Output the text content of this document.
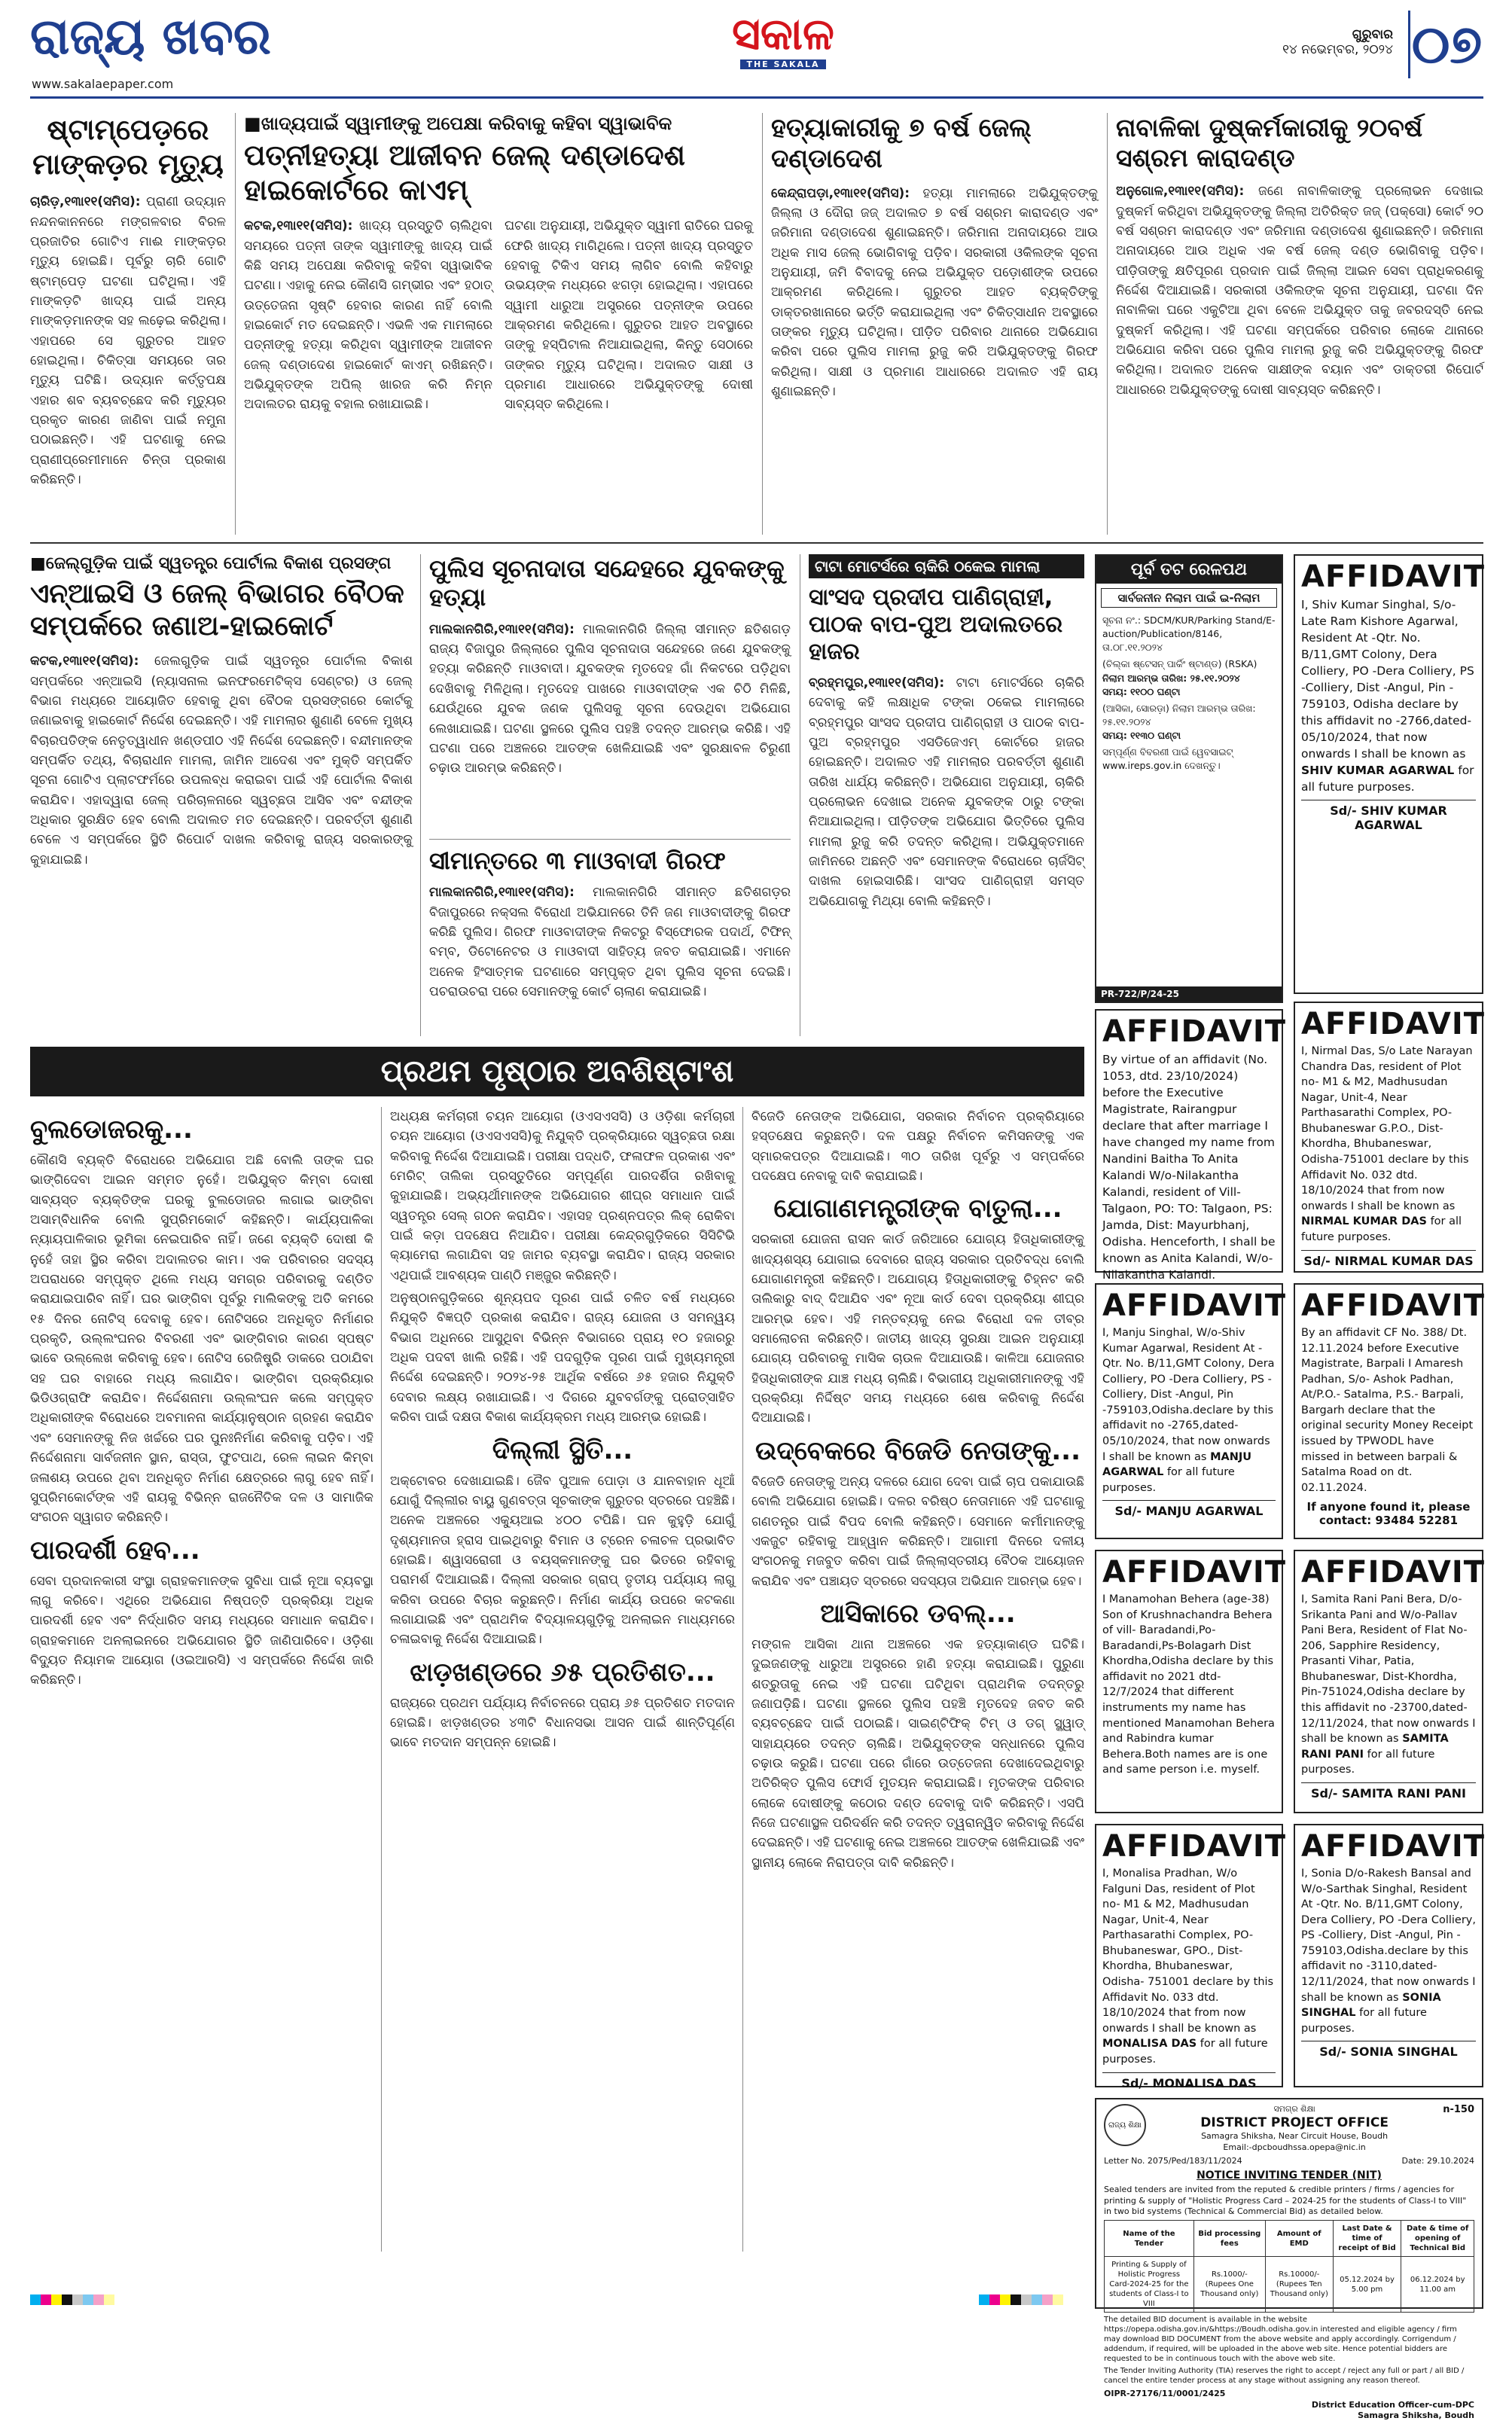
ରାଜ୍ୟ ଖବର
www.sakalaepaper.com
ସକାଳ
THE SAKALA
ଗୁରୁବାର
୧୪ ନଭେମ୍ବର, ୨୦୨୪ ୦୭
ଷ୍ଟାମ୍ପେଡ଼ରେ ମାଙ୍କଡ଼ର ମୃତ୍ୟୁ
ଚାରିଡ଼,୧୩ା୧୧(ସମିସ): ପ୍ରାଣୀ ଉଦ୍ୟାନ ନନ୍ଦନକାନନରେ ମଙ୍ଗଳବାର ବିରଳ ପ୍ରଜାତିର ଗୋଟିଏ ମାଈ ମାଙ୍କଡ଼ର ମୃତ୍ୟୁ ହୋଇଛି। ପୂର୍ବରୁ ଚାରି ଗୋଟି ଷ୍ଟାମ୍ପେଡ଼ ଘଟଣା ଘଟିଥିଲା। ଏହି ମାଙ୍କଡ଼ଟି ଖାଦ୍ୟ ପାଇଁ ଅନ୍ୟ ମାଙ୍କଡ଼ମାନଙ୍କ ସହ ଲଢ଼େଇ କରିଥିଲା। ଏହାପରେ ସେ ଗୁରୁତର ଆହତ ହୋଇଥିଲା। ଚିକିତ୍ସା ସମୟରେ ତାର ମୃତ୍ୟୁ ଘଟିଛି। ଉଦ୍ୟାନ କର୍ତ୍ତୃପକ୍ଷ ଏହାର ଶବ ବ୍ୟବଚ୍ଛେଦ କରି ମୃତ୍ୟୁର ପ୍ରକୃତ କାରଣ ଜାଣିବା ପାଇଁ ନମୁନା ପଠାଇଛନ୍ତି। ଏହି ଘଟଣାକୁ ନେଇ ପ୍ରାଣୀପ୍ରେମୀମାନେ ଚିନ୍ତା ପ୍ରକାଶ କରିଛନ୍ତି।
■ ଖାଦ୍ୟପାଇଁ ସ୍ୱାମୀଙ୍କୁ ଅପେକ୍ଷା କରିବାକୁ କହିବା ସ୍ୱାଭାବିକ
ପତ୍ନୀହତ୍ୟା ଆଜୀବନ ଜେଲ୍ ଦଣ୍ଡାଦେଶ ହାଇକୋର୍ଟରେ କାଏମ୍
କଟକ,୧୩ା୧୧(ସମିସ): ଖାଦ୍ୟ ପ୍ରସ୍ତୁତି ଚାଲିଥିବା ସମୟରେ ପତ୍ନୀ ତାଙ୍କ ସ୍ୱାମୀଙ୍କୁ ଖାଦ୍ୟ ପାଇଁ କିଛି ସମୟ ଅପେକ୍ଷା କରିବାକୁ କହିବା ସ୍ୱାଭାବିକ ଘଟଣା। ଏହାକୁ ନେଇ କୌଣସି ଗମ୍ଭୀର ଏବଂ ହଠାତ୍ ଉତ୍ତେଜନା ସୃଷ୍ଟି ହେବାର କାରଣ ନାହିଁ ବୋଲି ହାଇକୋର୍ଟ ମତ ଦେଇଛନ୍ତି। ଏଭଳି ଏକ ମାମଲାରେ ପତ୍ନୀଙ୍କୁ ହତ୍ୟା କରିଥିବା ସ୍ୱାମୀଙ୍କ ଆଜୀବନ ଜେଲ୍ ଦଣ୍ଡାଦେଶ ହାଇକୋର୍ଟ କାଏମ୍ ରଖିଛନ୍ତି। ଅଭିଯୁକ୍ତଙ୍କ ଅପିଲ୍ ଖାରଜ କରି ନିମ୍ନ ଅଦାଲତର ରାୟକୁ ବହାଲ ରଖାଯାଇଛି।
ଘଟଣା ଅନୁଯାୟୀ, ଅଭିଯୁକ୍ତ ସ୍ୱାମୀ ରାତିରେ ଘରକୁ ଫେରି ଖାଦ୍ୟ ମାଗିଥିଲେ। ପତ୍ନୀ ଖାଦ୍ୟ ପ୍ରସ୍ତୁତ ହେବାକୁ ଟିକିଏ ସମୟ ଲାଗିବ ବୋଲି କହିବାରୁ ଉଭୟଙ୍କ ମଧ୍ୟରେ ଝଗଡ଼ା ହୋଇଥିଲା। ଏହାପରେ ସ୍ୱାମୀ ଧାରୁଆ ଅସ୍ତ୍ରରେ ପତ୍ନୀଙ୍କ ଉପରେ ଆକ୍ରମଣ କରିଥିଲେ। ଗୁରୁତର ଆହତ ଅବସ୍ଥାରେ ତାଙ୍କୁ ହସ୍ପିଟାଲ ନିଆଯାଇଥିଲା, କିନ୍ତୁ ସେଠାରେ ତାଙ୍କର ମୃତ୍ୟୁ ଘଟିଥିଲା। ଅଦାଲତ ସାକ୍ଷୀ ଓ ପ୍ରମାଣ ଆଧାରରେ ଅଭିଯୁକ୍ତଙ୍କୁ ଦୋଷୀ ସାବ୍ୟସ୍ତ କରିଥିଲେ।
ହତ୍ୟାକାରୀକୁ ୭ ବର୍ଷ ଜେଲ୍ ଦଣ୍ଡାଦେଶ
କେନ୍ଦ୍ରାପଡ଼ା,୧୩ା୧୧(ସମିସ): ହତ୍ୟା ମାମଲାରେ ଅଭିଯୁକ୍ତଙ୍କୁ ଜିଲ୍ଲା ଓ ଦୌରା ଜଜ୍ ଅଦାଲତ ୭ ବର୍ଷ ସଶ୍ରମ କାରାଦଣ୍ଡ ଏବଂ ଜରିମାନା ଦଣ୍ଡାଦେଶ ଶୁଣାଇଛନ୍ତି। ଜରିମାନା ଅନାଦାୟରେ ଆଉ ଅଧିକ ମାସ ଜେଲ୍ ଭୋଗିବାକୁ ପଡ଼ିବ। ସରକାରୀ ଓକିଲଙ୍କ ସୂଚନା ଅନୁଯାୟୀ, ଜମି ବିବାଦକୁ ନେଇ ଅଭିଯୁକ୍ତ ପଡ଼ୋଶୀଙ୍କ ଉପରେ ଆକ୍ରମଣ କରିଥିଲେ। ଗୁରୁତର ଆହତ ବ୍ୟକ୍ତିଙ୍କୁ ଡାକ୍ତରଖାନାରେ ଭର୍ତ୍ତି କରାଯାଇଥିଲା ଏବଂ ଚିକିତ୍ସାଧୀନ ଅବସ୍ଥାରେ ତାଙ୍କର ମୃତ୍ୟୁ ଘଟିଥିଲା। ପୀଡ଼ିତ ପରିବାର ଥାନାରେ ଅଭିଯୋଗ କରିବା ପରେ ପୁଲିସ ମାମଲା ରୁଜୁ କରି ଅଭିଯୁକ୍ତଙ୍କୁ ଗିରଫ କରିଥିଲା। ସାକ୍ଷୀ ଓ ପ୍ରମାଣ ଆଧାରରେ ଅଦାଲତ ଏହି ରାୟ ଶୁଣାଇଛନ୍ତି।
ନାବାଳିକା ଦୁଷ୍କର୍ମକାରୀକୁ ୨୦ବର୍ଷ ସଶ୍ରମ କାରାଦଣ୍ଡ
ଅନୁଗୋଳ,୧୩ା୧୧(ସମିସ): ଜଣେ ନାବାଳିକାଙ୍କୁ ପ୍ରଲୋଭନ ଦେଖାଇ ଦୁଷ୍କର୍ମ କରିଥିବା ଅଭିଯୁକ୍ତଙ୍କୁ ଜିଲ୍ଲା ଅତିରିକ୍ତ ଜଜ୍ (ପକ୍ସୋ) କୋର୍ଟ ୨୦ ବର୍ଷ ସଶ୍ରମ କାରାଦଣ୍ଡ ଏବଂ ଜରିମାନା ଦଣ୍ଡାଦେଶ ଶୁଣାଇଛନ୍ତି। ଜରିମାନା ଅନାଦାୟରେ ଆଉ ଅଧିକ ଏକ ବର୍ଷ ଜେଲ୍ ଦଣ୍ଡ ଭୋଗିବାକୁ ପଡ଼ିବ। ପୀଡ଼ିତାଙ୍କୁ କ୍ଷତିପୂରଣ ପ୍ରଦାନ ପାଇଁ ଜିଲ୍ଲା ଆଇନ ସେବା ପ୍ରାଧିକରଣକୁ ନିର୍ଦ୍ଦେଶ ଦିଆଯାଇଛି। ସରକାରୀ ଓକିଲଙ୍କ ସୂଚନା ଅନୁଯାୟୀ, ଘଟଣା ଦିନ ନାବାଳିକା ଘରେ ଏକୁଟିଆ ଥିବା ବେଳେ ଅଭିଯୁକ୍ତ ତାକୁ ଜବରଦସ୍ତି ନେଇ ଦୁଷ୍କର୍ମ କରିଥିଲା। ଏହି ଘଟଣା ସମ୍ପର୍କରେ ପରିବାର ଲୋକେ ଥାନାରେ ଅଭିଯୋଗ କରିବା ପରେ ପୁଲିସ ମାମଲା ରୁଜୁ କରି ଅଭିଯୁକ୍ତଙ୍କୁ ଗିରଫ କରିଥିଲା। ଅଦାଲତ ଅନେକ ସାକ୍ଷୀଙ୍କ ବୟାନ ଏବଂ ଡାକ୍ତରୀ ରିପୋର୍ଟ ଆଧାରରେ ଅଭିଯୁକ୍ତଙ୍କୁ ଦୋଷୀ ସାବ୍ୟସ୍ତ କରିଛନ୍ତି।
■ ଜେଲ୍ଗୁଡ଼ିକ ପାଇଁ ସ୍ୱତନ୍ତ୍ର ପୋର୍ଟାଲ ବିକାଶ ପ୍ରସଙ୍ଗ
ଏନ୍ଆଇସି ଓ ଜେଲ୍ ବିଭାଗର ବୈଠକ ସମ୍ପର୍କରେ ଜଣାଅ-ହାଇକୋର୍ଟ
କଟକ,୧୩ା୧୧(ସମିସ): ଜେଲଗୁଡ଼ିକ ପାଇଁ ସ୍ୱତନ୍ତ୍ର ପୋର୍ଟାଲ ବିକାଶ ସମ୍ପର୍କରେ ଏନ୍ଆଇସି (ନ୍ୟାସନାଲ ଇନଫରମେଟିକ୍ସ ସେଣ୍ଟର) ଓ ଜେଲ୍ ବିଭାଗ ମଧ୍ୟରେ ଆୟୋଜିତ ହେବାକୁ ଥିବା ବୈଠକ ପ୍ରସଙ୍ଗରେ କୋର୍ଟକୁ ଜଣାଇବାକୁ ହାଇକୋର୍ଟ ନିର୍ଦ୍ଦେଶ ଦେଇଛନ୍ତି। ଏହି ମାମଲାର ଶୁଣାଣି ବେଳେ ମୁଖ୍ୟ ବିଚାରପତିଙ୍କ ନେତୃତ୍ୱାଧୀନ ଖଣ୍ଡପୀଠ ଏହି ନିର୍ଦ୍ଦେଶ ଦେଇଛନ୍ତି। ବନ୍ଦୀମାନଙ୍କ ସମ୍ପର୍କିତ ତଥ୍ୟ, ବିଚାରାଧୀନ ମାମଲା, ଜାମିନ ଆଦେଶ ଏବଂ ମୁକ୍ତି ସମ୍ପର୍କିତ ସୂଚନା ଗୋଟିଏ ପ୍ଲାଟଫର୍ମରେ ଉପଲବ୍ଧ କରାଇବା ପାଇଁ ଏହି ପୋର୍ଟାଲ ବିକାଶ କରାଯିବ। ଏହାଦ୍ୱାରା ଜେଲ୍ ପରିଚାଳନାରେ ସ୍ୱଚ୍ଛତା ଆସିବ ଏବଂ ବନ୍ଦୀଙ୍କ ଅଧିକାର ସୁରକ୍ଷିତ ହେବ ବୋଲି ଅଦାଲତ ମତ ଦେଇଛନ୍ତି। ପରବର୍ତ୍ତୀ ଶୁଣାଣି ବେଳେ ଏ ସମ୍ପର୍କରେ ସ୍ଥିତି ରିପୋର୍ଟ ଦାଖଲ କରିବାକୁ ରାଜ୍ୟ ସରକାରଙ୍କୁ କୁହାଯାଇଛି।
ପୁଲିସ ସୂଚନାଦାତା ସନ୍ଦେହରେ ଯୁବକଙ୍କୁ ହତ୍ୟା
ମାଲକାନଗିରି,୧୩ା୧୧(ସମିସ): ମାଲକାନଗିରି ଜିଲ୍ଲା ସୀମାନ୍ତ ଛତିଶଗଡ଼ ରାଜ୍ୟ ବିଜାପୁର ଜିଲ୍ଲାରେ ପୁଲିସ ସୂଚନାଦାତା ସନ୍ଦେହରେ ଜଣେ ଯୁବକଙ୍କୁ ହତ୍ୟା କରିଛନ୍ତି ମାଓବାଦୀ। ଯୁବକଙ୍କ ମୃତଦେହ ଗାଁ ନିକଟରେ ପଡ଼ିଥିବା ଦେଖିବାକୁ ମିଳିଥିଲା। ମୃତଦେହ ପାଖରେ ମାଓବାଦୀଙ୍କ ଏକ ଚିଠି ମିଳିଛି, ଯେଉଁଥିରେ ଯୁବକ ଜଣକ ପୁଲିସକୁ ସୂଚନା ଦେଉଥିବା ଅଭିଯୋଗ ଲେଖାଯାଇଛି। ଘଟଣା ସ୍ଥଳରେ ପୁଲିସ ପହଞ୍ଚି ତଦନ୍ତ ଆରମ୍ଭ କରିଛି। ଏହି ଘଟଣା ପରେ ଅଞ୍ଚଳରେ ଆତଙ୍କ ଖେଳିଯାଇଛି ଏବଂ ସୁରକ୍ଷାବଳ ଚିରୁଣୀ ଚଢ଼ାଉ ଆରମ୍ଭ କରିଛନ୍ତି।
ସୀମାନ୍ତରେ ୩ ମାଓବାଦୀ ଗିରଫ
ମାଲକାନଗିରି,୧୩ା୧୧(ସମିସ): ମାଲକାନଗିରି ସୀମାନ୍ତ ଛତିଶଗଡ଼ର ବିଜାପୁରରେ ନକ୍ସଲ ବିରୋଧୀ ଅଭିଯାନରେ ତିନି ଜଣ ମାଓବାଦୀଙ୍କୁ ଗିରଫ କରିଛି ପୁଲିସ। ଗିରଫ ମାଓବାଦୀଙ୍କ ନିକଟରୁ ବିସ୍ଫୋରକ ପଦାର୍ଥ, ଟିଫିନ୍ ବମ୍ବ, ଡିଟୋନେଟର ଓ ମାଓବାଦୀ ସାହିତ୍ୟ ଜବତ କରାଯାଇଛି। ଏମାନେ ଅନେକ ହିଂସାତ୍ମକ ଘଟଣାରେ ସମ୍ପୃକ୍ତ ଥିବା ପୁଲିସ ସୂଚନା ଦେଇଛି। ପଚରାଉଚରା ପରେ ସେମାନଙ୍କୁ କୋର୍ଟ ଚାଲାଣ କରାଯାଇଛି।
ଟାଟା ମୋଟର୍ସରେ ଚାକିରି ଠକେଇ ମାମଲା
ସାଂସଦ ପ୍ରଦୀପ ପାଣିଗ୍ରାହୀ, ପାଠକ ବାପ-ପୁଅ ଅଦାଲତରେ ହାଜର
ବ୍ରହ୍ମପୁର,୧୩ା୧୧(ସମିସ): ଟାଟା ମୋଟର୍ସରେ ଚାକିରି ଦେବାକୁ କହି ଲକ୍ଷାଧିକ ଟଙ୍କା ଠକେଇ ମାମଲାରେ ବ୍ରହ୍ମପୁର ସାଂସଦ ପ୍ରଦୀପ ପାଣିଗ୍ରାହୀ ଓ ପାଠକ ବାପ-ପୁଅ ବ୍ରହ୍ମପୁର ଏସଡିଜେଏମ୍ କୋର୍ଟରେ ହାଜର ହୋଇଛନ୍ତି। ଅଦାଲତ ଏହି ମାମଲାର ପରବର୍ତ୍ତୀ ଶୁଣାଣି ତାରିଖ ଧାର୍ଯ୍ୟ କରିଛନ୍ତି। ଅଭିଯୋଗ ଅନୁଯାୟୀ, ଚାକିରି ପ୍ରଲୋଭନ ଦେଖାଇ ଅନେକ ଯୁବକଙ୍କ ଠାରୁ ଟଙ୍କା ନିଆଯାଇଥିଲା। ପୀଡ଼ିତଙ୍କ ଅଭିଯୋଗ ଭିତ୍ତିରେ ପୁଲିସ ମାମଲା ରୁଜୁ କରି ତଦନ୍ତ କରିଥିଲା। ଅଭିଯୁକ୍ତମାନେ ଜାମିନରେ ଅଛନ୍ତି ଏବଂ ସେମାନଙ୍କ ବିରୋଧରେ ଚାର୍ଜସିଟ୍ ଦାଖଲ ହୋଇସାରିଛି। ସାଂସଦ ପାଣିଗ୍ରାହୀ ସମସ୍ତ ଅଭିଯୋଗକୁ ମିଥ୍ୟା ବୋଲି କହିଛନ୍ତି।
ପୂର୍ବ ତଟ ରେଳପଥ
ସାର୍ବଜନୀନ ନିଲାମ ପାଇଁ ଇ-ନିଲାମ
ସୂଚନା ନଂ.: SDCM/KUR/Parking Stand/E-auction/Publication/8146, ତା.୦୮.୧୧.୨୦୨୪
(ଚିଲ୍କା ଷ୍ଟେସନ୍ ପାର୍କିଂ ଷ୍ଟାଣ୍ଡ) (RSKA)
ନିଲାମ ଆରମ୍ଭ ତାରିଖ: ୨୫.୧୧.୨୦୨୪
ସମୟ: ୧୧୦୦ ଘଣ୍ଟା
(ଆସିକା, ସୋରଡ଼ା) ନିଲାମ ଆରମ୍ଭ ତାରିଖ: ୨୫.୧୧.୨୦୨୪
ସମୟ: ୧୧୩୦ ଘଣ୍ଟା
ସମ୍ପୂର୍ଣ୍ଣ ବିବରଣୀ ପାଇଁ ୱେବସାଇଟ୍ www.ireps.gov.in ଦେଖନ୍ତୁ।
PR-722/P/24-25
AFFIDAVIT
I, Shiv Kumar Singhal, S/o-Late Ram Kishore Agarwal, Resident At -Qtr. No. B/11,GMT Colony, Dera Colliery, PO -Dera Colliery, PS -Colliery, Dist -Angul, Pin - 759103, Odisha declare by this affidavit no -2766,dated-05/10/2024, that now onwards I shall be known as SHIV KUMAR AGARWAL for all future purposes.
Sd/- SHIV KUMAR AGARWAL
AFFIDAVIT
By virtue of an affidavit (No. 1053, dtd. 23/10/2024) before the Executive Magistrate, Rairangpur declare that after marriage I have changed my name from Nandini Baitha To Anita Kalandi W/o-Nilakantha Kalandi, resident of Vill- Talgaon, PO: TO: Talgaon, PS: Jamda, Dist: Mayurbhanj, Odisha. Henceforth, I shall be known as Anita Kalandi, W/o-Nilakantha Kalandi.
AFFIDAVIT
I, Nirmal Das, S/o Late Narayan Chandra Das, resident of Plot no- M1 & M2, Madhusudan Nagar, Unit-4, Near Parthasarathi Complex, PO-Bhubaneswar G.P.O., Dist-Khordha, Bhubaneswar, Odisha-751001 declare by this Affidavit No. 032 dtd. 18/10/2024 that from now onwards I shall be known as NIRMAL KUMAR DAS for all future purposes.
Sd/- NIRMAL KUMAR DAS
AFFIDAVIT
I, Manju Singhal, W/o-Shiv Kumar Agarwal, Resident At -Qtr. No. B/11,GMT Colony, Dera Colliery, PO -Dera Colliery, PS -Colliery, Dist -Angul, Pin -759103,Odisha.declare by this affidavit no -2765,dated-05/10/2024, that now onwards I shall be known as MANJU AGARWAL for all future purposes.
Sd/- MANJU AGARWAL
AFFIDAVIT
By an affidavit CF No. 388/ Dt. 12.11.2024 before Executive Magistrate, Barpali I Amaresh Padhan, S/o- Ashok Padhan, At/P.O.- Satalma, P.S.- Barpali, Bargarh declare that the original security Money Receipt issued by TPWODL have missed in between barpali & Satalma Road on dt. 02.11.2024.
If anyone found it, please contact: 93484 52281
AFFIDAVIT
I Manamohan Behera (age-38) Son of Krushnachandra Behera of vill- Baradandi,Po-Baradandi,Ps-Bolagarh Dist Khordha,Odisha declare by this affidavit no 2021 dtd-12/7/2024 that different instruments my name has mentioned Manamohan Behera and Rabindra kumar Behera.Both names are is one and same person i.e. myself.
AFFIDAVIT
I, Samita Rani Pani Bera, D/o-Srikanta Pani and W/o-Pallav Pani Bera, Resident of Flat No-206, Sapphire Residency, Prasanti Vihar, Patia, Bhubaneswar, Dist-Khordha, Pin-751024,Odisha declare by this affidavit no -23700,dated-12/11/2024, that now onwards I shall be known as SAMITA RANI PANI for all future purposes.
Sd/- SAMITA RANI PANI
AFFIDAVIT
I, Monalisa Pradhan, W/o Falguni Das, resident of Plot no- M1 & M2, Madhusudan Nagar, Unit-4, Near Parthasarathi Complex, PO- Bhubaneswar, GPO., Dist-Khordha, Bhubaneswar, Odisha- 751001 declare by this Affidavit No. 033 dtd. 18/10/2024 that from now onwards I shall be known as MONALISA DAS for all future purposes.
Sd/- MONALISA DAS
AFFIDAVIT
I, Sonia D/o-Rakesh Bansal and W/o-Sarthak Singhal, Resident At -Qtr. No. B/11,GMT Colony, Dera Colliery, PO -Dera Colliery, PS -Colliery, Dist -Angul, Pin - 759103,Odisha.declare by this affidavit no -3110,dated-12/11/2024, that now onwards I shall be known as SONIA SINGHAL for all future purposes.
Sd/- SONIA SINGHAL
ପ୍ରଥମ ପୃଷ୍ଠାର ଅବଶିଷ୍ଟାଂଶ
ବୁଲଡୋଜରକୁ...
କୌଣସି ବ୍ୟକ୍ତି ବିରୋଧରେ ଅଭିଯୋଗ ଅଛି ବୋଲି ତାଙ୍କ ଘର ଭାଙ୍ଗିଦେବା ଆଇନ ସମ୍ମତ ନୁହେଁ। ଅଭିଯୁକ୍ତ କିମ୍ବା ଦୋଷୀ ସାବ୍ୟସ୍ତ ବ୍ୟକ୍ତିଙ୍କ ଘରକୁ ବୁଲଡୋଜର ଲଗାଇ ଭାଙ୍ଗିବା ଅସାମ୍ବିଧାନିକ ବୋଲି ସୁପ୍ରିମକୋର୍ଟ କହିଛନ୍ତି। କାର୍ଯ୍ୟପାଳିକା ନ୍ୟାୟପାଳିକାର ଭୂମିକା ନେଇପାରିବ ନାହିଁ। ଜଣେ ବ୍ୟକ୍ତି ଦୋଷୀ କି ନୁହେଁ ତାହା ସ୍ଥିର କରିବା ଅଦାଲତର କାମ। ଏକ ପରିବାରର ସଦସ୍ୟ ଅପରାଧରେ ସମ୍ପୃକ୍ତ ଥିଲେ ମଧ୍ୟ ସମଗ୍ର ପରିବାରକୁ ଦଣ୍ଡିତ କରାଯାଇପାରିବ ନାହିଁ। ଘର ଭାଙ୍ଗିବା ପୂର୍ବରୁ ମାଲିକଙ୍କୁ ଅତି କମରେ ୧୫ ଦିନର ନୋଟିସ୍ ଦେବାକୁ ହେବ। ନୋଟିସରେ ଅନଧିକୃତ ନିର୍ମାଣର ପ୍ରକୃତି, ଉଲ୍ଲଂଘନର ବିବରଣୀ ଏବଂ ଭାଙ୍ଗିବାର କାରଣ ସ୍ପଷ୍ଟ ଭାବେ ଉଲ୍ଲେଖ କରିବାକୁ ହେବ। ନୋଟିସ ରେଜିଷ୍ଟ୍ରି ଡାକରେ ପଠାଯିବା ସହ ଘର ବାହାରେ ମଧ୍ୟ ଲଗାଯିବ। ଭାଙ୍ଗିବା ପ୍ରକ୍ରିୟାର ଭିଡିଓଗ୍ରାଫି କରାଯିବ। ନିର୍ଦ୍ଦେଶନାମା ଉଲ୍ଲଂଘନ କଲେ ସମ୍ପୃକ୍ତ ଅଧିକାରୀଙ୍କ ବିରୋଧରେ ଅବମାନନା କାର୍ଯ୍ୟାନୁଷ୍ଠାନ ଗ୍ରହଣ କରାଯିବ ଏବଂ ସେମାନଙ୍କୁ ନିଜ ଖର୍ଚ୍ଚରେ ଘର ପୁନଃନିର୍ମାଣ କରିବାକୁ ପଡ଼ିବ। ଏହି ନିର୍ଦ୍ଦେଶନାମା ସାର୍ବଜନୀନ ସ୍ଥାନ, ରାସ୍ତା, ଫୁଟପାଥ, ରେଳ ଲାଇନ କିମ୍ବା ଜଳାଶୟ ଉପରେ ଥିବା ଅନଧିକୃତ ନିର୍ମାଣ କ୍ଷେତ୍ରରେ ଲାଗୁ ହେବ ନାହିଁ। ସୁପ୍ରିମକୋର୍ଟଙ୍କ ଏହି ରାୟକୁ ବିଭିନ୍ନ ରାଜନୈତିକ ଦଳ ଓ ସାମାଜିକ ସଂଗଠନ ସ୍ୱାଗତ କରିଛନ୍ତି।
ପାରଦର୍ଶୀ ହେବ...
ସେବା ପ୍ରଦାନକାରୀ ସଂସ୍ଥା ଗ୍ରାହକମାନଙ୍କ ସୁବିଧା ପାଇଁ ନୂଆ ବ୍ୟବସ୍ଥା ଲାଗୁ କରିବେ। ଏଥିରେ ଅଭିଯୋଗ ନିଷ୍ପତ୍ତି ପ୍ରକ୍ରିୟା ଅଧିକ ପାରଦର୍ଶୀ ହେବ ଏବଂ ନିର୍ଦ୍ଧାରିତ ସମୟ ମଧ୍ୟରେ ସମାଧାନ କରାଯିବ। ଗ୍ରାହକମାନେ ଅନଲାଇନରେ ଅଭିଯୋଗର ସ୍ଥିତି ଜାଣିପାରିବେ। ଓଡ଼ିଶା ବିଦ୍ୟୁତ ନିୟାମକ ଆୟୋଗ (ଓଇଆରସି) ଏ ସମ୍ପର୍କରେ ନିର୍ଦ୍ଦେଶ ଜାରି କରିଛନ୍ତି।
ଅଧ୍ୟକ୍ଷ କର୍ମଚାରୀ ଚୟନ ଆୟୋଗ (ଓଏସଏସସି) ଓ ଓଡ଼ିଶା କର୍ମଚାରୀ ଚୟନ ଆୟୋଗ (ଓଏସଏସସି)କୁ ନିଯୁକ୍ତି ପ୍ରକ୍ରିୟାରେ ସ୍ୱଚ୍ଛତା ରକ୍ଷା କରିବାକୁ ନିର୍ଦ୍ଦେଶ ଦିଆଯାଇଛି। ପରୀକ୍ଷା ପଦ୍ଧତି, ଫଳାଫଳ ପ୍ରକାଶ ଏବଂ ମେରିଟ୍ ତାଲିକା ପ୍ରସ୍ତୁତିରେ ସମ୍ପୂର୍ଣ୍ଣ ପାରଦର୍ଶିତା ରଖିବାକୁ କୁହାଯାଇଛି। ଅଭ୍ୟର୍ଥୀମାନଙ୍କ ଅଭିଯୋଗର ଶୀଘ୍ର ସମାଧାନ ପାଇଁ ସ୍ୱତନ୍ତ୍ର ସେଲ୍ ଗଠନ କରାଯିବ। ଏହାସହ ପ୍ରଶ୍ନପତ୍ର ଲିକ୍ ରୋକିବା ପାଇଁ କଡ଼ା ପଦକ୍ଷେପ ନିଆଯିବ। ପରୀକ୍ଷା କେନ୍ଦ୍ରଗୁଡ଼ିକରେ ସିସିଟିଭି କ୍ୟାମେରା ଲଗାଯିବା ସହ ଜାମର ବ୍ୟବସ୍ଥା କରାଯିବ। ରାଜ୍ୟ ସରକାର ଏଥିପାଇଁ ଆବଶ୍ୟକ ପାଣ୍ଠି ମଞ୍ଜୁର କରିଛନ୍ତି।
ଅନୁଷ୍ଠାନଗୁଡ଼ିକରେ ଶୂନ୍ୟପଦ ପୂରଣ ପାଇଁ ଚଳିତ ବର୍ଷ ମଧ୍ୟରେ ନିଯୁକ୍ତି ବିଜ୍ଞପ୍ତି ପ୍ରକାଶ କରାଯିବ। ରାଜ୍ୟ ଯୋଜନା ଓ ସମନ୍ୱୟ ବିଭାଗ ଅଧିନରେ ଆସୁଥିବା ବିଭିନ୍ନ ବିଭାଗରେ ପ୍ରାୟ ୧୦ ହଜାରରୁ ଅଧିକ ପଦବୀ ଖାଲି ରହିଛି। ଏହି ପଦଗୁଡ଼ିକ ପୂରଣ ପାଇଁ ମୁଖ୍ୟମନ୍ତ୍ରୀ ନିର୍ଦ୍ଦେଶ ଦେଇଛନ୍ତି। ୨୦୨୪-୨୫ ଆର୍ଥିକ ବର୍ଷରେ ୬୫ ହଜାର ନିଯୁକ୍ତି ଦେବାର ଲକ୍ଷ୍ୟ ରଖାଯାଇଛି। ଏ ଦିଗରେ ଯୁବବର୍ଗଙ୍କୁ ପ୍ରୋତ୍ସାହିତ କରିବା ପାଇଁ ଦକ୍ଷତା ବିକାଶ କାର୍ଯ୍ୟକ୍ରମ ମଧ୍ୟ ଆରମ୍ଭ ହୋଇଛି।
ଦିଲ୍ଲୀ ସ୍ଥିତି...
ଅକ୍ଟୋବର ଦେଖାଯାଇଛି। ଜୈବ ପୁଆଳ ପୋଡ଼ା ଓ ଯାନବାହାନ ଧୂଆଁ ଯୋଗୁଁ ଦିଲ୍ଲୀର ବାୟୁ ଗୁଣବତ୍ତା ସୂଚକାଙ୍କ ଗୁରୁତର ସ୍ତରରେ ପହଞ୍ଚିଛି। ଅନେକ ଅଞ୍ଚଳରେ ଏକ୍ୟୁଆଇ ୪୦୦ ଟପିଛି। ଘନ କୁହୁଡ଼ି ଯୋଗୁଁ ଦୃଶ୍ୟମାନତା ହ୍ରାସ ପାଇଥିବାରୁ ବିମାନ ଓ ଟ୍ରେନ ଚଳାଚଳ ପ୍ରଭାବିତ ହୋଇଛି। ଶ୍ୱାସରୋଗୀ ଓ ବୟସ୍କମାନଙ୍କୁ ଘର ଭିତରେ ରହିବାକୁ ପରାମର୍ଶ ଦିଆଯାଇଛି। ଦିଲ୍ଲୀ ସରକାର ଗ୍ରାପ୍ ତୃତୀୟ ପର୍ଯ୍ୟାୟ ଲାଗୁ କରିବା ଉପରେ ବିଚାର କରୁଛନ୍ତି। ନିର୍ମାଣ କାର୍ଯ୍ୟ ଉପରେ କଟକଣା ଲଗାଯାଇଛି ଏବଂ ପ୍ରାଥମିକ ବିଦ୍ୟାଳୟଗୁଡ଼ିକୁ ଅନଲାଇନ ମାଧ୍ୟମରେ ଚଳାଇବାକୁ ନିର୍ଦ୍ଦେଶ ଦିଆଯାଇଛି।
ଝାଡ଼ଖଣ୍ଡରେ ୬୫ ପ୍ରତିଶତ...
ରାଜ୍ୟରେ ପ୍ରଥମ ପର୍ଯ୍ୟାୟ ନିର୍ବାଚନରେ ପ୍ରାୟ ୬୫ ପ୍ରତିଶତ ମତଦାନ ହୋଇଛି। ଝାଡ଼ଖଣ୍ଡର ୪୩ଟି ବିଧାନସଭା ଆସନ ପାଇଁ ଶାନ୍ତିପୂର୍ଣ୍ଣ ଭାବେ ମତଦାନ ସମ୍ପନ୍ନ ହୋଇଛି।
ବିଜେଡି ନେତାଙ୍କ ଅଭିଯୋଗ, ସରକାର ନିର୍ବାଚନ ପ୍ରକ୍ରିୟାରେ ହସ୍ତକ୍ଷେପ କରୁଛନ୍ତି। ଦଳ ପକ୍ଷରୁ ନିର୍ବାଚନ କମିସନଙ୍କୁ ଏକ ସ୍ମାରକପତ୍ର ଦିଆଯାଇଛି। ୩୦ ତାରିଖ ପୂର୍ବରୁ ଏ ସମ୍ପର୍କରେ ପଦକ୍ଷେପ ନେବାକୁ ଦାବି କରାଯାଇଛି।
ଯୋଗାଣମନ୍ତ୍ରୀଙ୍କ ବାତୁଲା...
ସରକାରୀ ଯୋଜନା ରାସନ କାର୍ଡ ଜରିଆରେ ଯୋଗ୍ୟ ହିତାଧିକାରୀଙ୍କୁ ଖାଦ୍ୟଶସ୍ୟ ଯୋଗାଇ ଦେବାରେ ରାଜ୍ୟ ସରକାର ପ୍ରତିବଦ୍ଧ ବୋଲି ଯୋଗାଣମନ୍ତ୍ରୀ କହିଛନ୍ତି। ଅଯୋଗ୍ୟ ହିତାଧିକାରୀଙ୍କୁ ଚିହ୍ନଟ କରି ତାଲିକାରୁ ବାଦ୍ ଦିଆଯିବ ଏବଂ ନୂଆ କାର୍ଡ ଦେବା ପ୍ରକ୍ରିୟା ଶୀଘ୍ର ଆରମ୍ଭ ହେବ। ଏହି ମନ୍ତବ୍ୟକୁ ନେଇ ବିରୋଧୀ ଦଳ ତୀବ୍ର ସମାଲୋଚନା କରିଛନ୍ତି। ଜାତୀୟ ଖାଦ୍ୟ ସୁରକ୍ଷା ଆଇନ ଅନୁଯାୟୀ ଯୋଗ୍ୟ ପରିବାରକୁ ମାସିକ ଚାଉଳ ଦିଆଯାଉଛି। କାଳିଆ ଯୋଜନାର ହିତାଧିକାରୀଙ୍କ ଯାଞ୍ଚ ମଧ୍ୟ ଚାଲିଛି। ବିଭାଗୀୟ ଅଧିକାରୀମାନଙ୍କୁ ଏହି ପ୍ରକ୍ରିୟା ନିର୍ଦ୍ଦିଷ୍ଟ ସମୟ ମଧ୍ୟରେ ଶେଷ କରିବାକୁ ନିର୍ଦ୍ଦେଶ ଦିଆଯାଇଛି।
ଉଦ୍ବେକରେ ବିଜେଡି ନେତାଙ୍କୁ...
ବିଜେଡି ନେତାଙ୍କୁ ଅନ୍ୟ ଦଳରେ ଯୋଗ ଦେବା ପାଇଁ ଚାପ ପକାଯାଉଛି ବୋଲି ଅଭିଯୋଗ ହୋଇଛି। ଦଳର ବରିଷ୍ଠ ନେତାମାନେ ଏହି ଘଟଣାକୁ ଗଣତନ୍ତ୍ର ପାଇଁ ବିପଦ ବୋଲି କହିଛନ୍ତି। ସେମାନେ କର୍ମୀମାନଙ୍କୁ ଏକଜୁଟ ରହିବାକୁ ଆହ୍ୱାନ କରିଛନ୍ତି। ଆଗାମୀ ଦିନରେ ଦଳୀୟ ସଂଗଠନକୁ ମଜବୁତ କରିବା ପାଇଁ ଜିଲ୍ଲାସ୍ତରୀୟ ବୈଠକ ଆୟୋଜନ କରାଯିବ ଏବଂ ପଞ୍ଚାୟତ ସ୍ତରରେ ସଦସ୍ୟତା ଅଭିଯାନ ଆରମ୍ଭ ହେବ।
ଆସିକାରେ ଡବଲ୍...
ମଙ୍ଗଳ ଆସିକା ଥାନା ଅଞ୍ଚଳରେ ଏକ ହତ୍ୟାକାଣ୍ଡ ଘଟିଛି। ଦୁଇଜଣଙ୍କୁ ଧାରୁଆ ଅସ୍ତ୍ରରେ ହାଣି ହତ୍ୟା କରାଯାଇଛି। ପୁରୁଣା ଶତ୍ରୁତାକୁ ନେଇ ଏହି ଘଟଣା ଘଟିଥିବା ପ୍ରାଥମିକ ତଦନ୍ତରୁ ଜଣାପଡ଼ିଛି। ଘଟଣା ସ୍ଥଳରେ ପୁଲିସ ପହଞ୍ଚି ମୃତଦେହ ଜବତ କରି ବ୍ୟବଚ୍ଛେଦ ପାଇଁ ପଠାଇଛି। ସାଇଣ୍ଟିଫିକ୍ ଟିମ୍ ଓ ଡଗ୍ ସ୍କ୍ୱାଡ୍ ସାହାଯ୍ୟରେ ତଦନ୍ତ ଚାଲିଛି। ଅଭିଯୁକ୍ତଙ୍କ ସନ୍ଧାନରେ ପୁଲିସ ଚଢ଼ାଉ କରୁଛି। ଘଟଣା ପରେ ଗାଁରେ ଉତ୍ତେଜନା ଦେଖାଦେଇଥିବାରୁ ଅତିରିକ୍ତ ପୁଲିସ ଫୋର୍ସ ମୁତୟନ କରାଯାଇଛି। ମୃତକଙ୍କ ପରିବାର ଲୋକେ ଦୋଷୀଙ୍କୁ କଠୋର ଦଣ୍ଡ ଦେବାକୁ ଦାବି କରିଛନ୍ତି। ଏସପି ନିଜେ ଘଟଣାସ୍ଥଳ ପରିଦର୍ଶନ କରି ତଦନ୍ତ ତ୍ୱରାନ୍ୱିତ କରିବାକୁ ନିର୍ଦ୍ଦେଶ ଦେଇଛନ୍ତି। ଏହି ଘଟଣାକୁ ନେଇ ଅଞ୍ଚଳରେ ଆତଙ୍କ ଖେଳିଯାଇଛି ଏବଂ ସ୍ଥାନୀୟ ଲୋକେ ନିରାପତ୍ତା ଦାବି କରିଛନ୍ତି।
ରାଜ୍ୟ ଶିକ୍ଷା
ସମଗ୍ର ଶିକ୍ଷା
DISTRICT PROJECT OFFICE
Samagra Shiksha, Near Circuit House, Boudh
Email:-dpcboudhssa.opepa@nic.in
n-150
Letter No. 2075/Ped/183/11/2024	Date: 29.10.2024
NOTICE INVITING TENDER (NIT)
Sealed tenders are invited from the reputed & credible printers / firms / agencies for printing & supply of "Holistic Progress Card – 2024-25 for the students of Class-I to VIII" in two bid systems (Technical & Commercial Bid) as detailed below.
Name of the Tender	Bid processing fees	Amount of EMD	Last Date & time of receipt of Bid	Date & time of opening of Technical Bid
Printing & Supply of Holistic Progress Card-2024-25 for the students of Class-I to VIII	Rs.1000/- (Rupees One Thousand only)	Rs.10000/- (Rupees Ten Thousand only)	05.12.2024 by 5.00 pm	06.12.2024 by 11.00 am
The detailed BID document is available in the website https://opepa.odisha.gov.in/&https://Boudh.odisha.gov.in interested and eligible agency / firm may download BID DOCUMENT from the above website and apply accordingly. Corrigendum / addendum, if required, will be uploaded in the above web site. Hence potential bidders are requested to be in continuous touch with the above web site.
The Tender Inviting Authority (TIA) reserves the right to accept / reject any full or part / all BID / cancel the entire tender process at any stage without assigning any reason thereof.
OIPR-27176/11/0001/2425
District Education Officer-cum-DPC
Samagra Shiksha, Boudh
